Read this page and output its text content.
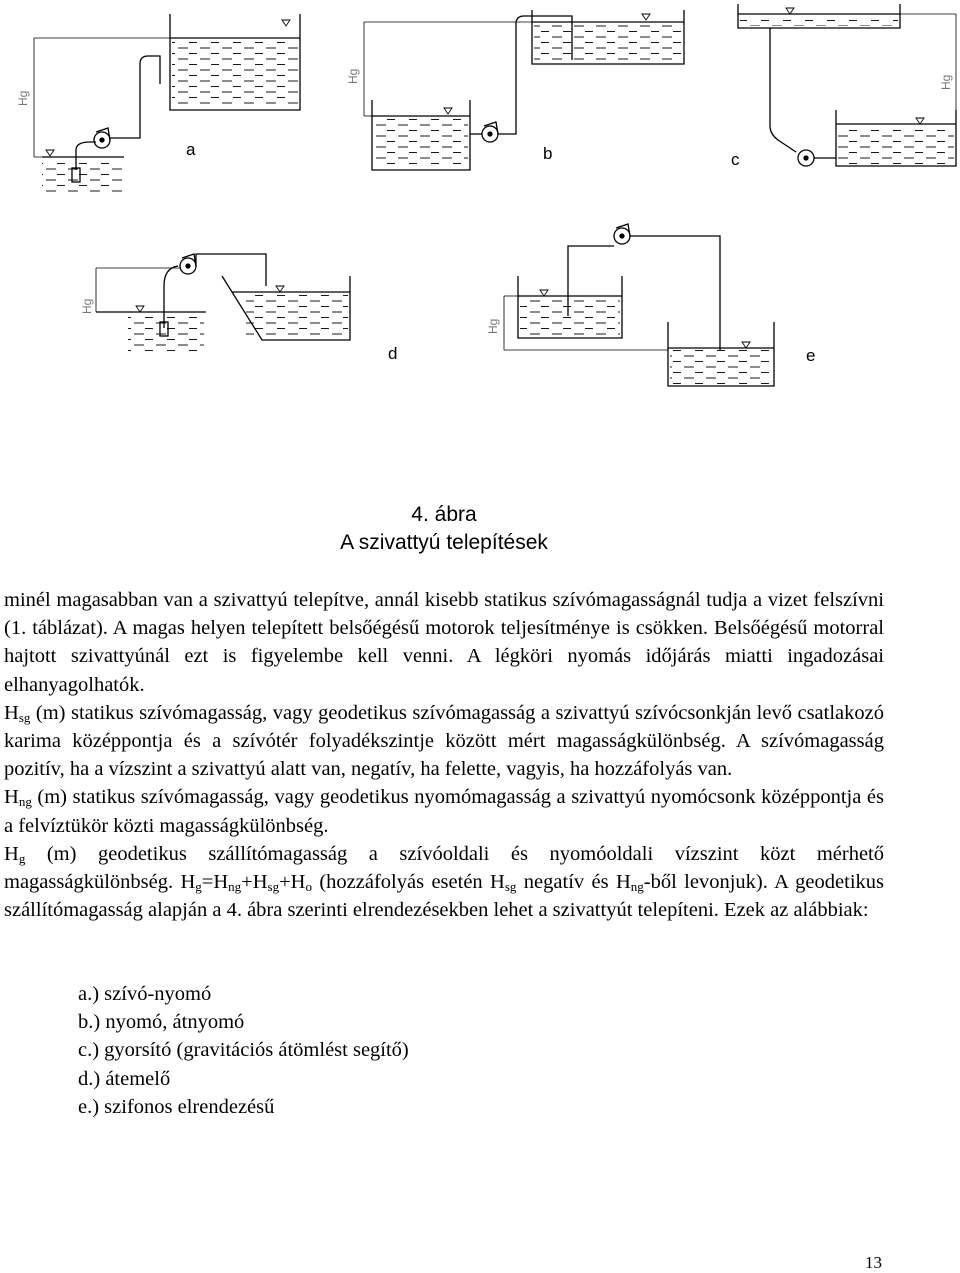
Hg
Hg	Hg
Hg
Hg
a	b	c
d	e
4. ábra
A szivattyú telepítések

minél magasabban van a szivattyú telepítve, annál kisebb statikus szívómagasságnál tudja a vizet felszívni (1. táblázat). A magas helyen telepített belsőégésű motorok teljesítménye is csökken. Belsőégésű motorral hajtott szivattyúnál ezt is figyelembe kell venni. A légköri nyomás időjárás miatti ingadozásai elhanyagolhatók.

$H_{sg}$ (m) statikus szívómagasság, vagy geodetikus szívómagasság a szivattyú szívócsonkján levő csatlakozó karima középpontja és a szívótér folyadékszintje között mért magasságkülönbség. A szívómagasság pozitív, ha a vízszint a szivattyú alatt van, negatív, ha felette, vagyis, ha hozzáfolyás van.

$H_{ng}$ (m) statikus szívómagasság, vagy geodetikus nyomómagasság a szivattyú nyomócsonk középpontja és a felvíztükör közti magasságkülönbség.

$H_g$ (m) geodetikus szállítómagasság a szívóoldali és nyomóoldali vízszint közt mérhető magasságkülönbség. $H_g=H_{ng}+H_{sg}+H_o$ (hozzáfolyás esetén $H_{sg}$ negatív és $H_{ng}$-ből levonjuk). A geodetikus szállítómagasság alapján a 4. ábra szerinti elrendezésekben lehet a szivattyút telepíteni. Ezek az alábbiak:

a.) szívó-nyomó
b.) nyomó, átnyomó
c.) gyorsító (gravitációs átömlést segítő)
d.) átemelő
e.) szifonos elrendezésű
13
